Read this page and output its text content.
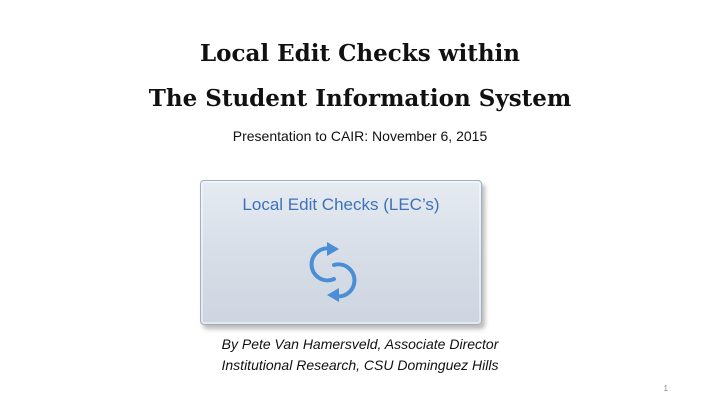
Local Edit Checks within
The Student Information System
Presentation to CAIR: November 6, 2015
Local Edit Checks (LEC’s)
By Pete Van Hamersveld, Associate Director
Institutional Research, CSU Dominguez Hills
1
